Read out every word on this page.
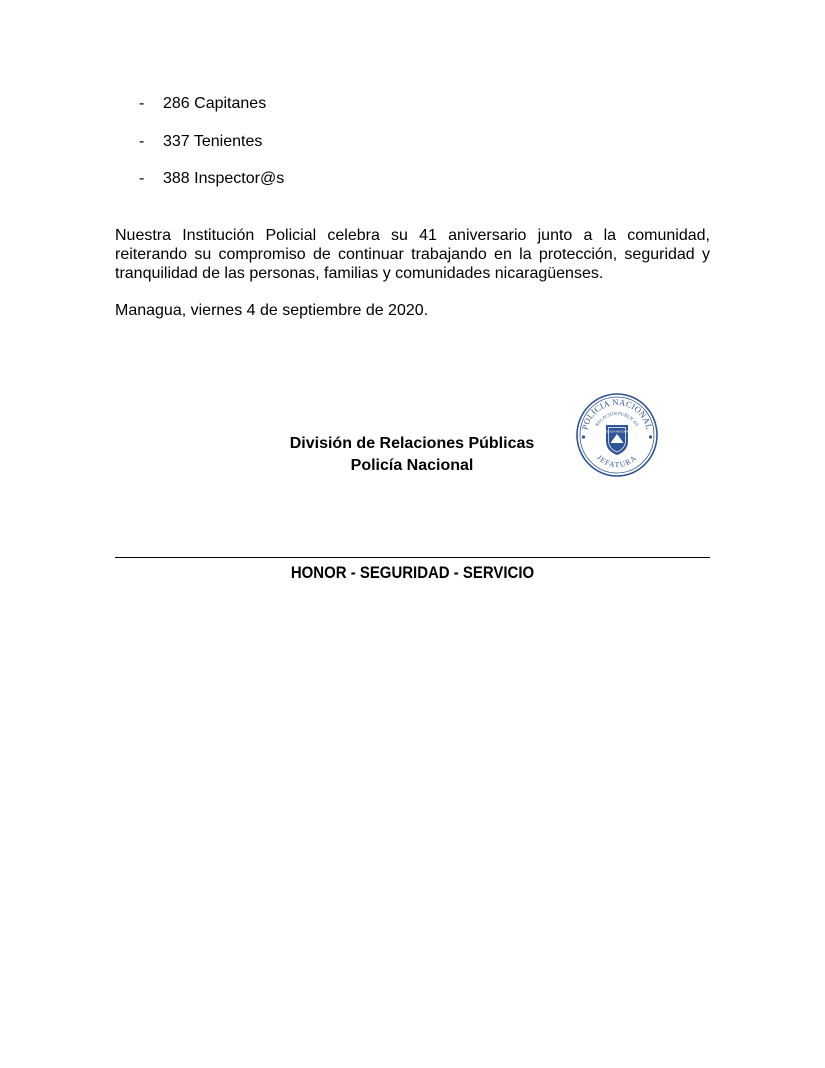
- 286 Capitanes
- 337 Tenientes
- 388 Inspector@s

Nuestra Institución Policial celebra su 41 aniversario junto a la comunidad, reiterando su compromiso de continuar trabajando en la protección, seguridad y tranquilidad de las personas, familias y comunidades nicaragüenses.

Managua, viernes 4 de septiembre de 2020.

División de Relaciones Públicas
Policía Nacional
POLICIA NACIONAL
RELACION PUBLICAS
JEFATURA
POLICIA NACIONAL
HONOR - SEGURIDAD - SERVICIO
